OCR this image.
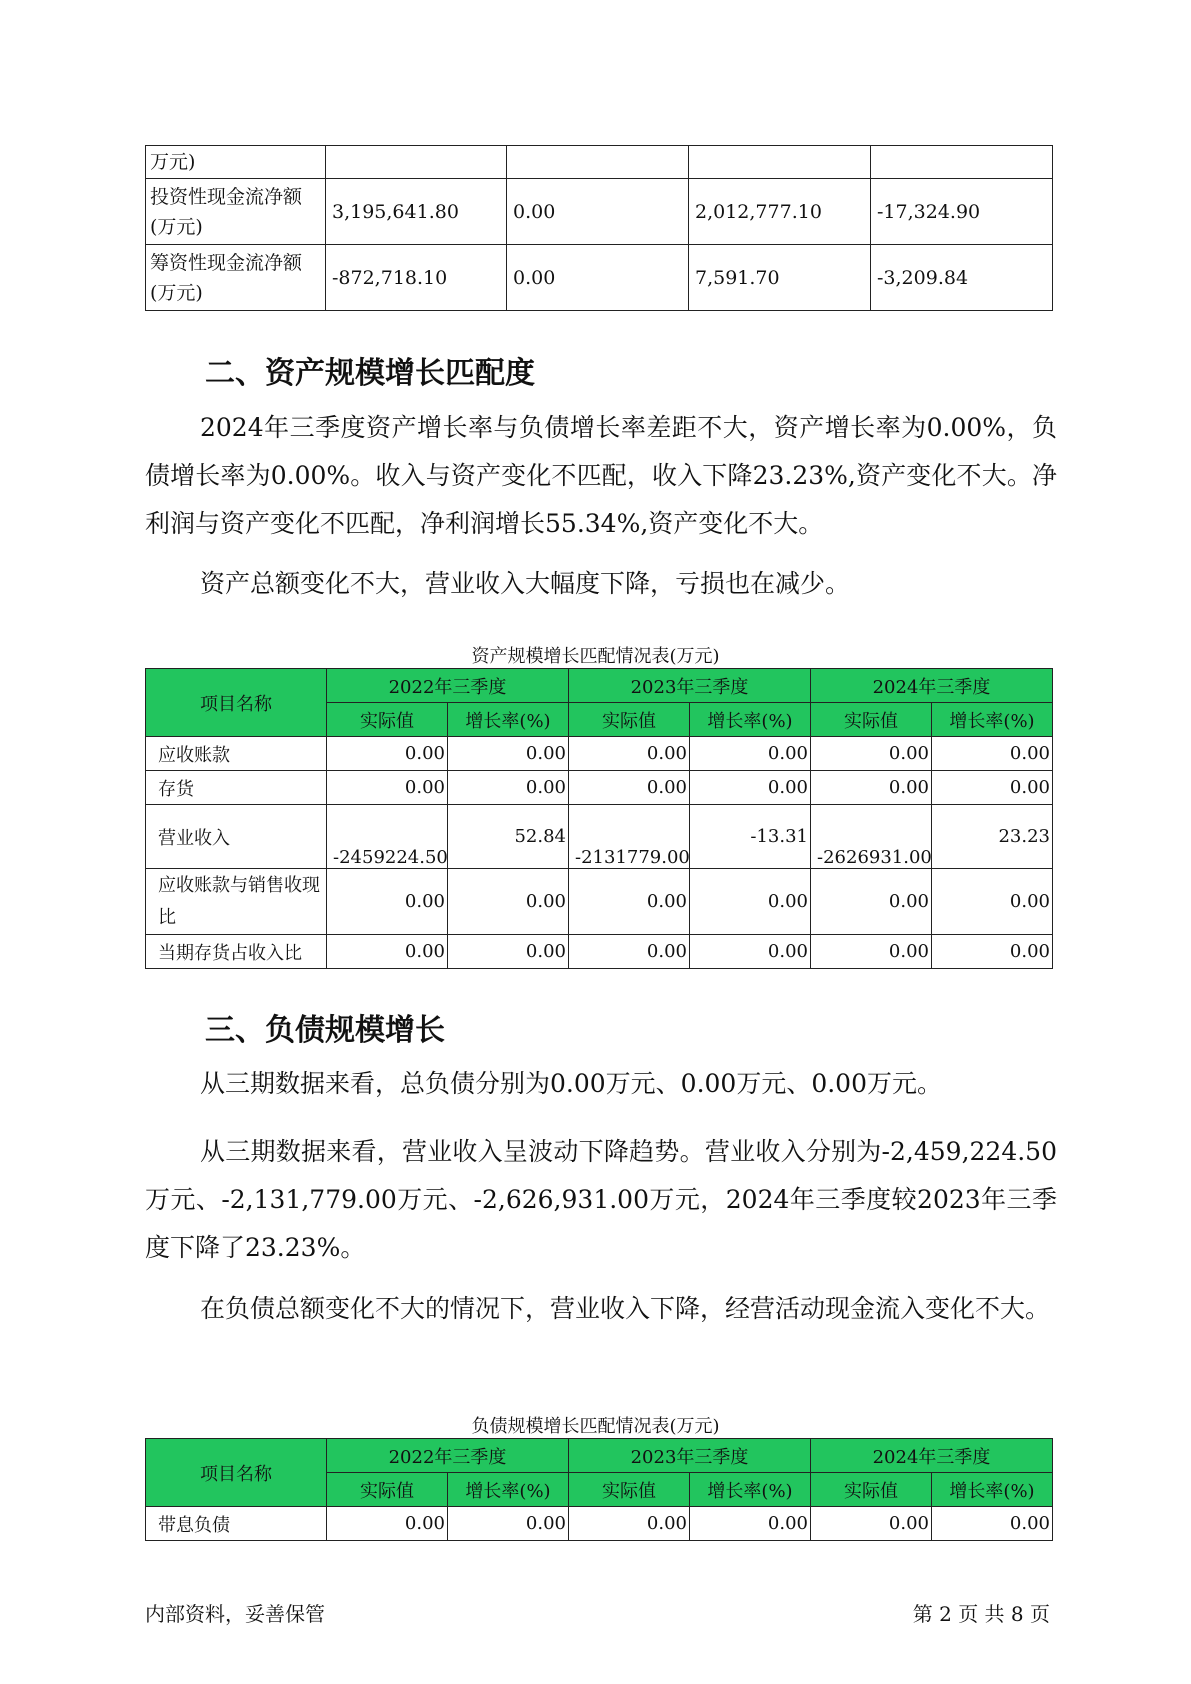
万元)				
投资性现金流净额(万元)	3,195,641.80	0.00	2,012,777.10	-17,324.90
筹资性现金流净额(万元)	-872,718.10	0.00	7,591.70	-3,209.84
二、资产规模增长匹配度

2024年三季度资产增长率与负债增长率差距不大，资产增长率为0.00%，负债增长率为0.00%。收入与资产变化不匹配，收入下降23.23%,资产变化不大。净利润与资产变化不匹配，净利润增长55.34%,资产变化不大。

资产总额变化不大，营业收入大幅度下降，亏损也在减少。

资产规模增长匹配情况表(万元)
项目名称	2022年三季度		2023年三季度		2024年三季度	
	实际值	增长率(%)	实际值	增长率(%)	实际值	增长率(%)
应收账款	0.00	0.00	0.00	0.00	0.00	0.00
存货	0.00	0.00	0.00	0.00	0.00	0.00
营业收入	-2459224.50	52.84	-2131779.00	-13.31	-2626931.00	23.23
应收账款与销售收现比	0.00	0.00	0.00	0.00	0.00	0.00
当期存货占收入比	0.00	0.00	0.00	0.00	0.00	0.00
三、负债规模增长

从三期数据来看，总负债分别为0.00万元、0.00万元、0.00万元。

从三期数据来看，营业收入呈波动下降趋势。营业收入分别为-2,459,224.50万元、-2,131,779.00万元、-2,626,931.00万元，2024年三季度较2023年三季度下降了23.23%。

在负债总额变化不大的情况下，营业收入下降，经营活动现金流入变化不大。

负债规模增长匹配情况表(万元)
项目名称	2022年三季度		2023年三季度		2024年三季度	
	实际值	增长率(%)	实际值	增长率(%)	实际值	增长率(%)
带息负债	0.00	0.00	0.00	0.00	0.00	0.00
内部资料，妥善保管	第 2 页 共 8 页
